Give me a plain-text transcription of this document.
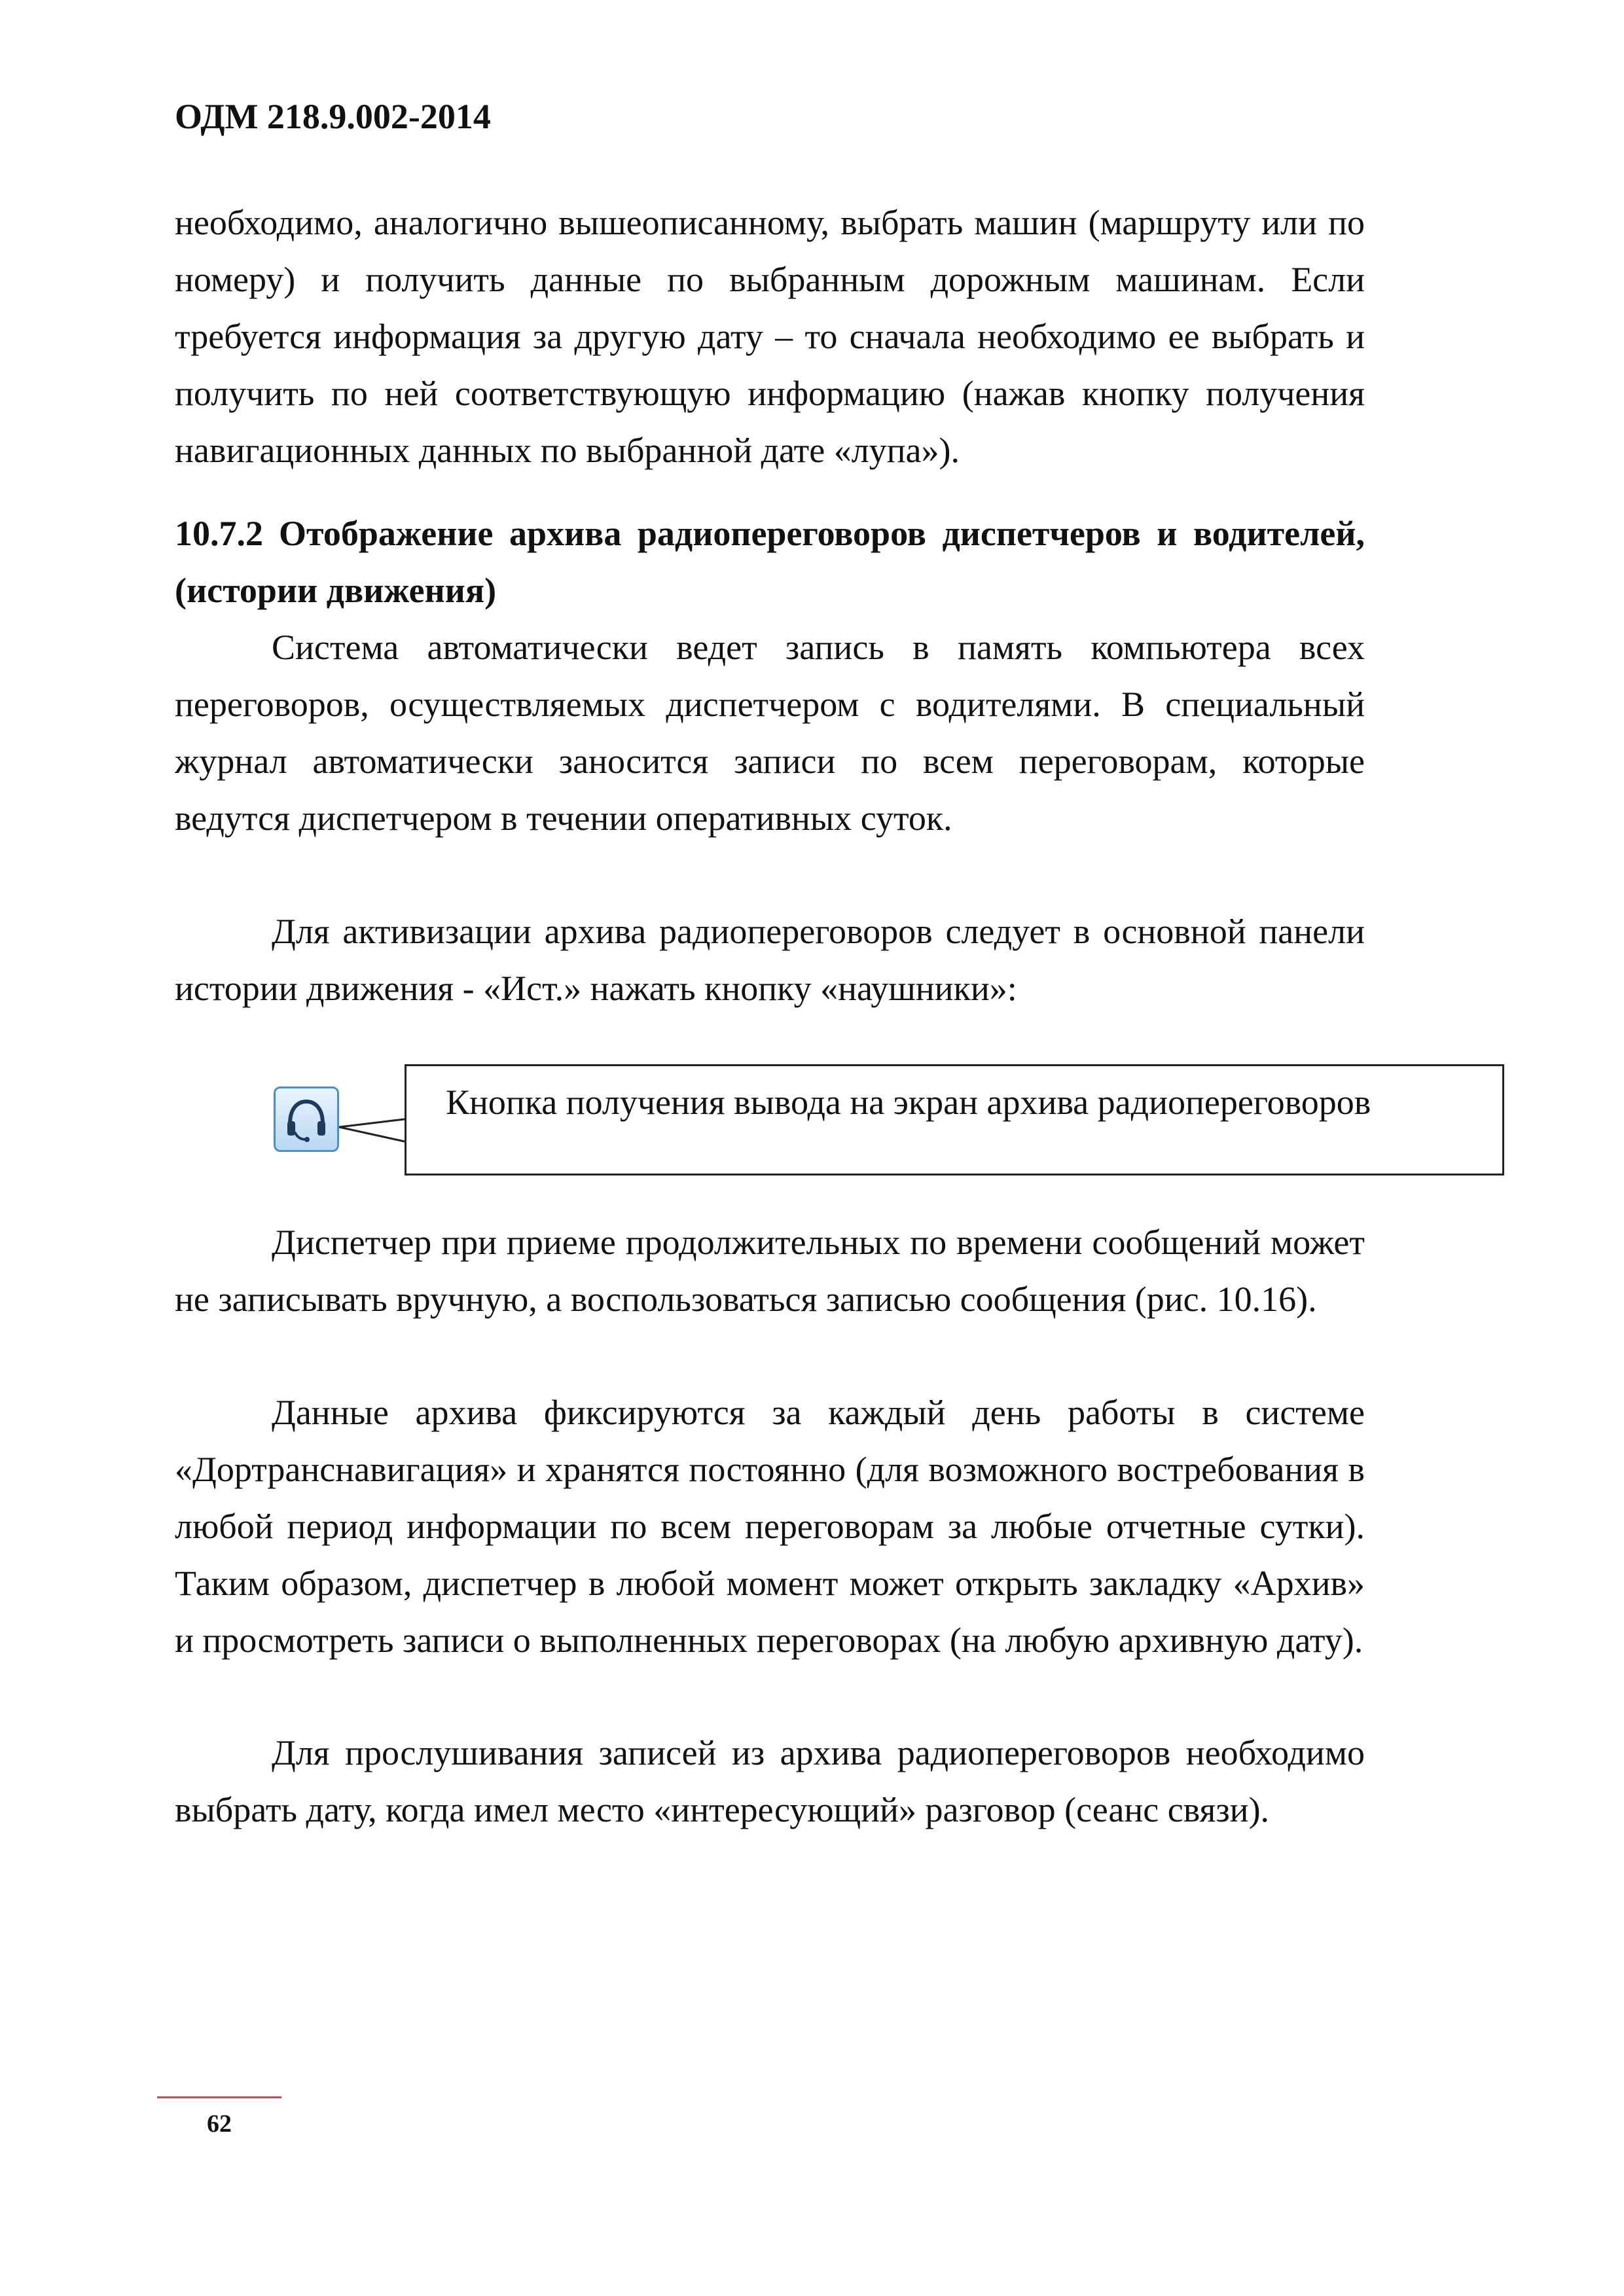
ОДМ 218.9.002-2014

необходимо, аналогично вышеописанному, выбрать машин (маршруту или по номеру) и получить данные по выбранным дорожным машинам. Если требуется информация за другую дату – то сначала необходимо ее выбрать и получить по ней соответствующую информацию (нажав кнопку получения навигационных данных по выбранной дате «лупа»).

10.7.2 Отображение архива радиопереговоров диспетчеров и водителей, (истории движения)

Система автоматически ведет запись в память компьютера всех переговоров, осуществляемых диспетчером с водителями. В специальный журнал автоматически заносится записи по всем переговорам, которые ведутся диспетчером в течении оперативных суток.

Для активизации архива радиопереговоров следует в основной панели истории движения - «Ист.» нажать кнопку «наушники»:

Кнопка получения вывода на экран архива радиопереговоров

Диспетчер при приеме продолжительных по времени сообщений может не записывать вручную, а воспользоваться записью сообщения (рис. 10.16).

Данные архива фиксируются за каждый день работы в системе «Дортранснавигация» и хранятся постоянно (для возможного востребования в любой период информации по всем переговорам за любые отчетные сутки). Таким образом, диспетчер в любой момент может открыть закладку «Архив» и просмотреть записи о выполненных переговорах (на любую архивную дату).

Для прослушивания записей из архива радиопереговоров необходимо выбрать дату, когда имел место «интересующий» разговор (сеанс связи).

62
